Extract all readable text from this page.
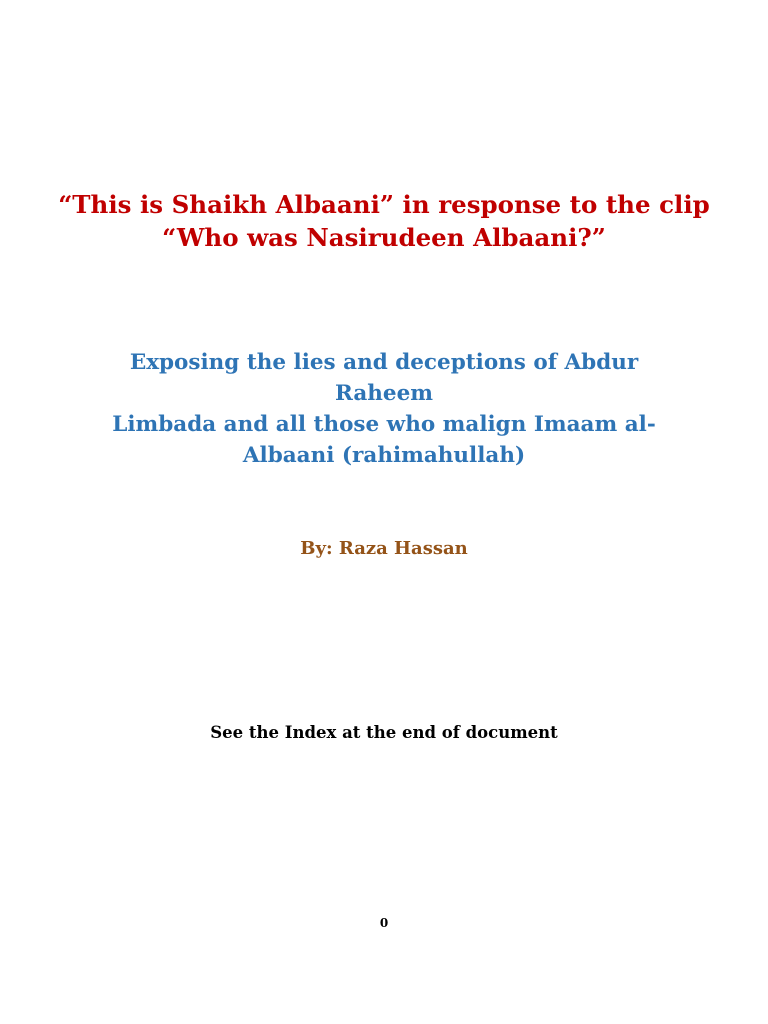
“This is Shaikh Albaani” in response to the clip
“Who was Nasirudeen Albaani?”
Exposing the lies and deceptions of Abdur Raheem
Limbada and all those who malign Imaam al-
Albaani (rahimahullah)
By: Raza Hassan
See the Index at the end of document
0
